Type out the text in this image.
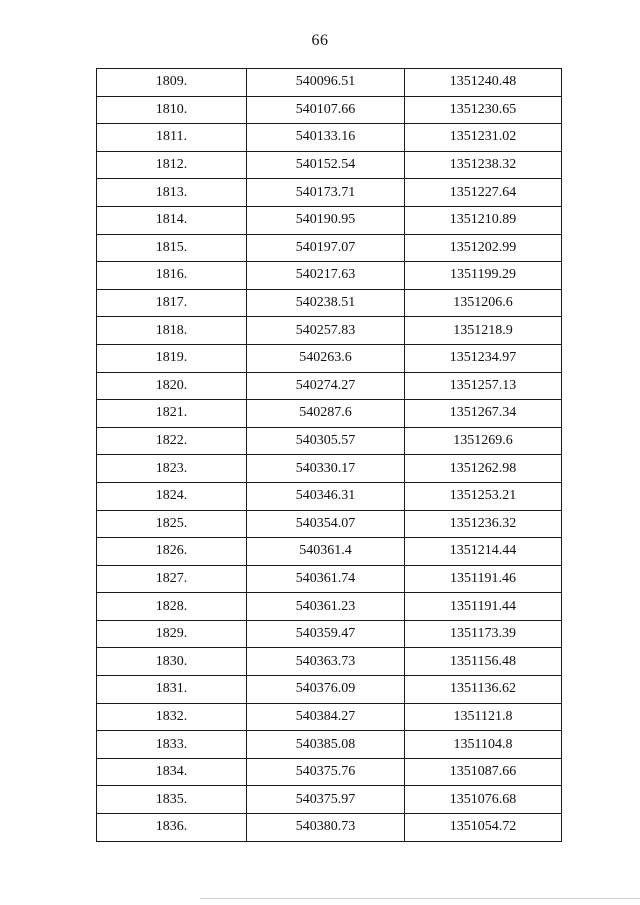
66
1809.	540096.51	1351240.48
1810.	540107.66	1351230.65
1811.	540133.16	1351231.02
1812.	540152.54	1351238.32
1813.	540173.71	1351227.64
1814.	540190.95	1351210.89
1815.	540197.07	1351202.99
1816.	540217.63	1351199.29
1817.	540238.51	1351206.6
1818.	540257.83	1351218.9
1819.	540263.6	1351234.97
1820.	540274.27	1351257.13
1821.	540287.6	1351267.34
1822.	540305.57	1351269.6
1823.	540330.17	1351262.98
1824.	540346.31	1351253.21
1825.	540354.07	1351236.32
1826.	540361.4	1351214.44
1827.	540361.74	1351191.46
1828.	540361.23	1351191.44
1829.	540359.47	1351173.39
1830.	540363.73	1351156.48
1831.	540376.09	1351136.62
1832.	540384.27	1351121.8
1833.	540385.08	1351104.8
1834.	540375.76	1351087.66
1835.	540375.97	1351076.68
1836.	540380.73	1351054.72
